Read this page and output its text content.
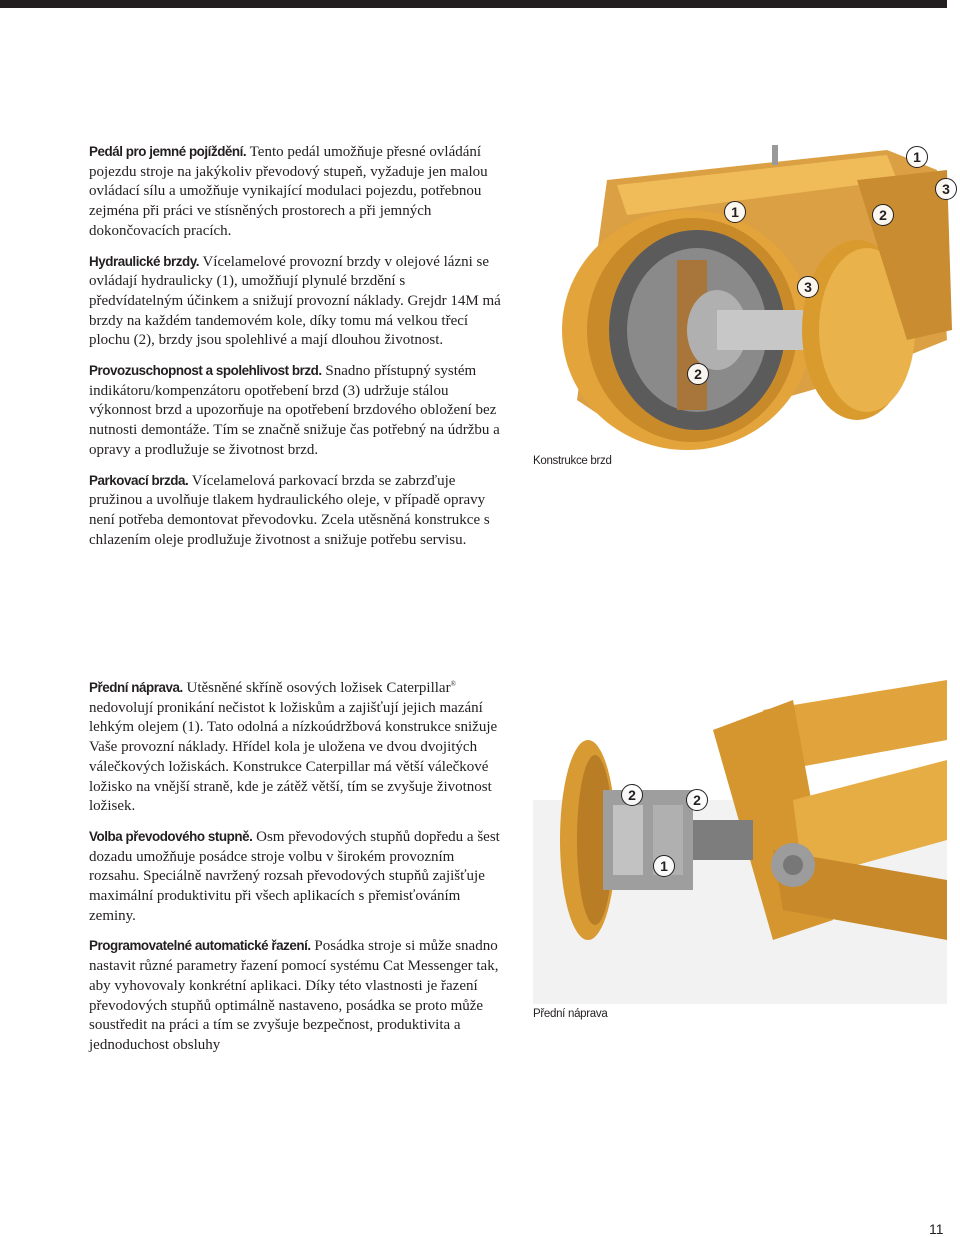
Pedál pro jemné pojíždění. Tento pedál umožňuje přesné ovládání pojezdu stroje na jakýkoliv převodový stupeň, vyžaduje jen malou ovládací sílu a umožňuje vynikající modulaci pojezdu, potřebnou zejména při práci ve stísněných prostorech a při jemných dokončovacích pracích.

Hydraulické brzdy. Vícelamelové provozní brzdy v olejové lázni se ovládají hydraulicky (1), umožňují plynulé brzdění s předvídatelným účinkem a snižují provozní náklady. Grejdr 14M má brzdy na každém tandemovém kole, díky tomu má velkou třecí plochu (2), brzdy jsou spolehlivé a mají dlouhou životnost.

Provozuschopnost a spolehlivost brzd. Snadno přístupný systém indikátoru/kompenzátoru opotřebení brzd (3) udržuje stálou výkonnost brzd a upozorňuje na opotřebení brzdového obložení bez nutnosti demontáže. Tím se značně snižuje čas potřebný na údržbu a opravy a prodlužuje se životnost brzd.

Parkovací brzda. Vícelamelová parkovací brzda se zabrzďuje pružinou a uvolňuje tlakem hydraulického oleje, v případě opravy není potřeba demontovat převodovku. Zcela utěsněná konstrukce s chlazením oleje prodlužuje životnost a snižuje potřebu servisu.

Přední náprava. Utěsněné skříně osových ložisek Caterpillar® nedovolují pronikání nečistot k ložiskům a zajišťují jejich mazání lehkým olejem (1). Tato odolná a nízkoúdržbová konstrukce snižuje Vaše provozní náklady. Hřídel kola je uložena ve dvou dvojitých válečkových ložiskách. Konstrukce Caterpillar má větší válečkové ložisko na vnější straně, kde je zátěž větší, tím se zvyšuje životnost ložisek.

Volba převodového stupně. Osm převodových stupňů dopředu a šest dozadu umožňuje posádce stroje volbu v širokém provozním rozsahu. Speciálně navržený rozsah převodových stupňů zajišťuje maximální produktivitu při všech aplikacích s přemisťováním zeminy.

Programovatelné automatické řazení. Posádka stroje si může snadno nastavit různé parametry řazení pomocí systému Cat Messenger tak, aby vyhovovaly konkrétní aplikaci. Díky této vlastnosti je řazení převodových stupňů optimálně nastaveno, posádka se proto může soustředit na práci a tím se zvyšuje bezpečnost, produktivita a jednoduchost obsluhy

1
3
1	2
3
2
Konstrukce brzd
2	2
1
Přední náprava
11
